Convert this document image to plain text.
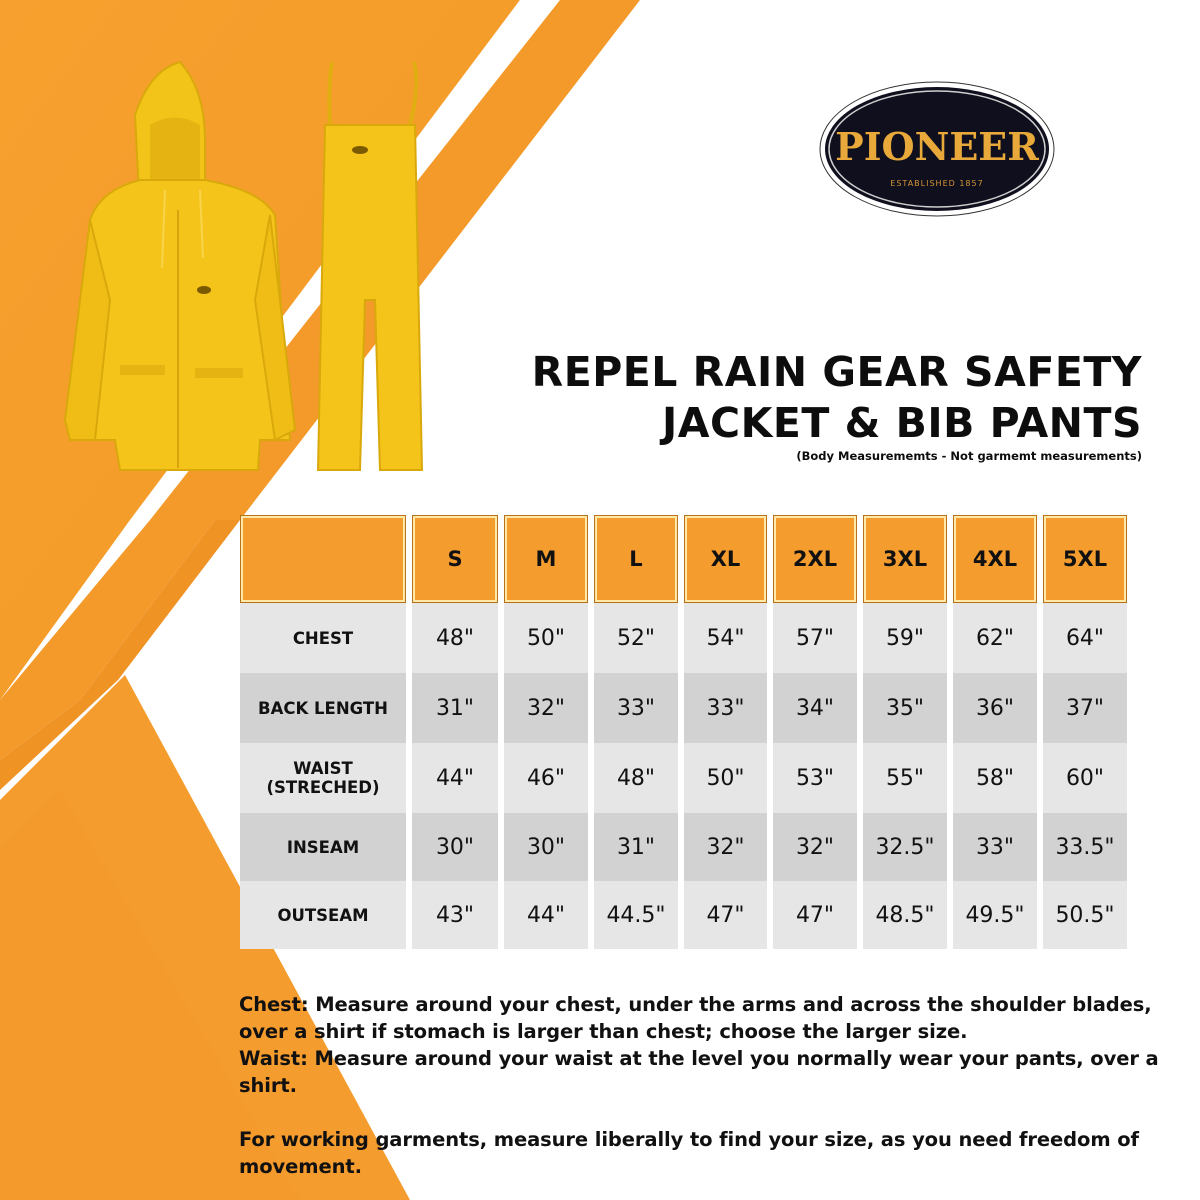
PIONEER
ESTABLISHED 1857
REPEL RAIN GEAR SAFETY
JACKET & BIB PANTS
(Body Measurememts - Not garmemt measurements)
	S	M	L	XL	2XL	3XL	4XL	5XL
CHEST	48"	50"	52"	54"	57"	59"	62"	64"
BACK LENGTH	31"	32"	33"	33"	34"	35"	36"	37"

WAIST
(STRECHED)	44"	46"	48"	50"	53"	55"	58"	60"
INSEAM	30"	30"	31"	32"	32"	32.5"	33"	33.5"
OUTSEAM	43"	44"	44.5"	47"	47"	48.5"	49.5"	50.5"

Chest: Measure around your chest, under the arms and across the shoulder blades, over a shirt if stomach is larger than chest; choose the larger size.

Waist: Measure around your waist at the level you normally wear your pants, over a shirt.

For working garments, measure liberally to find your size, as you need freedom of movement.
